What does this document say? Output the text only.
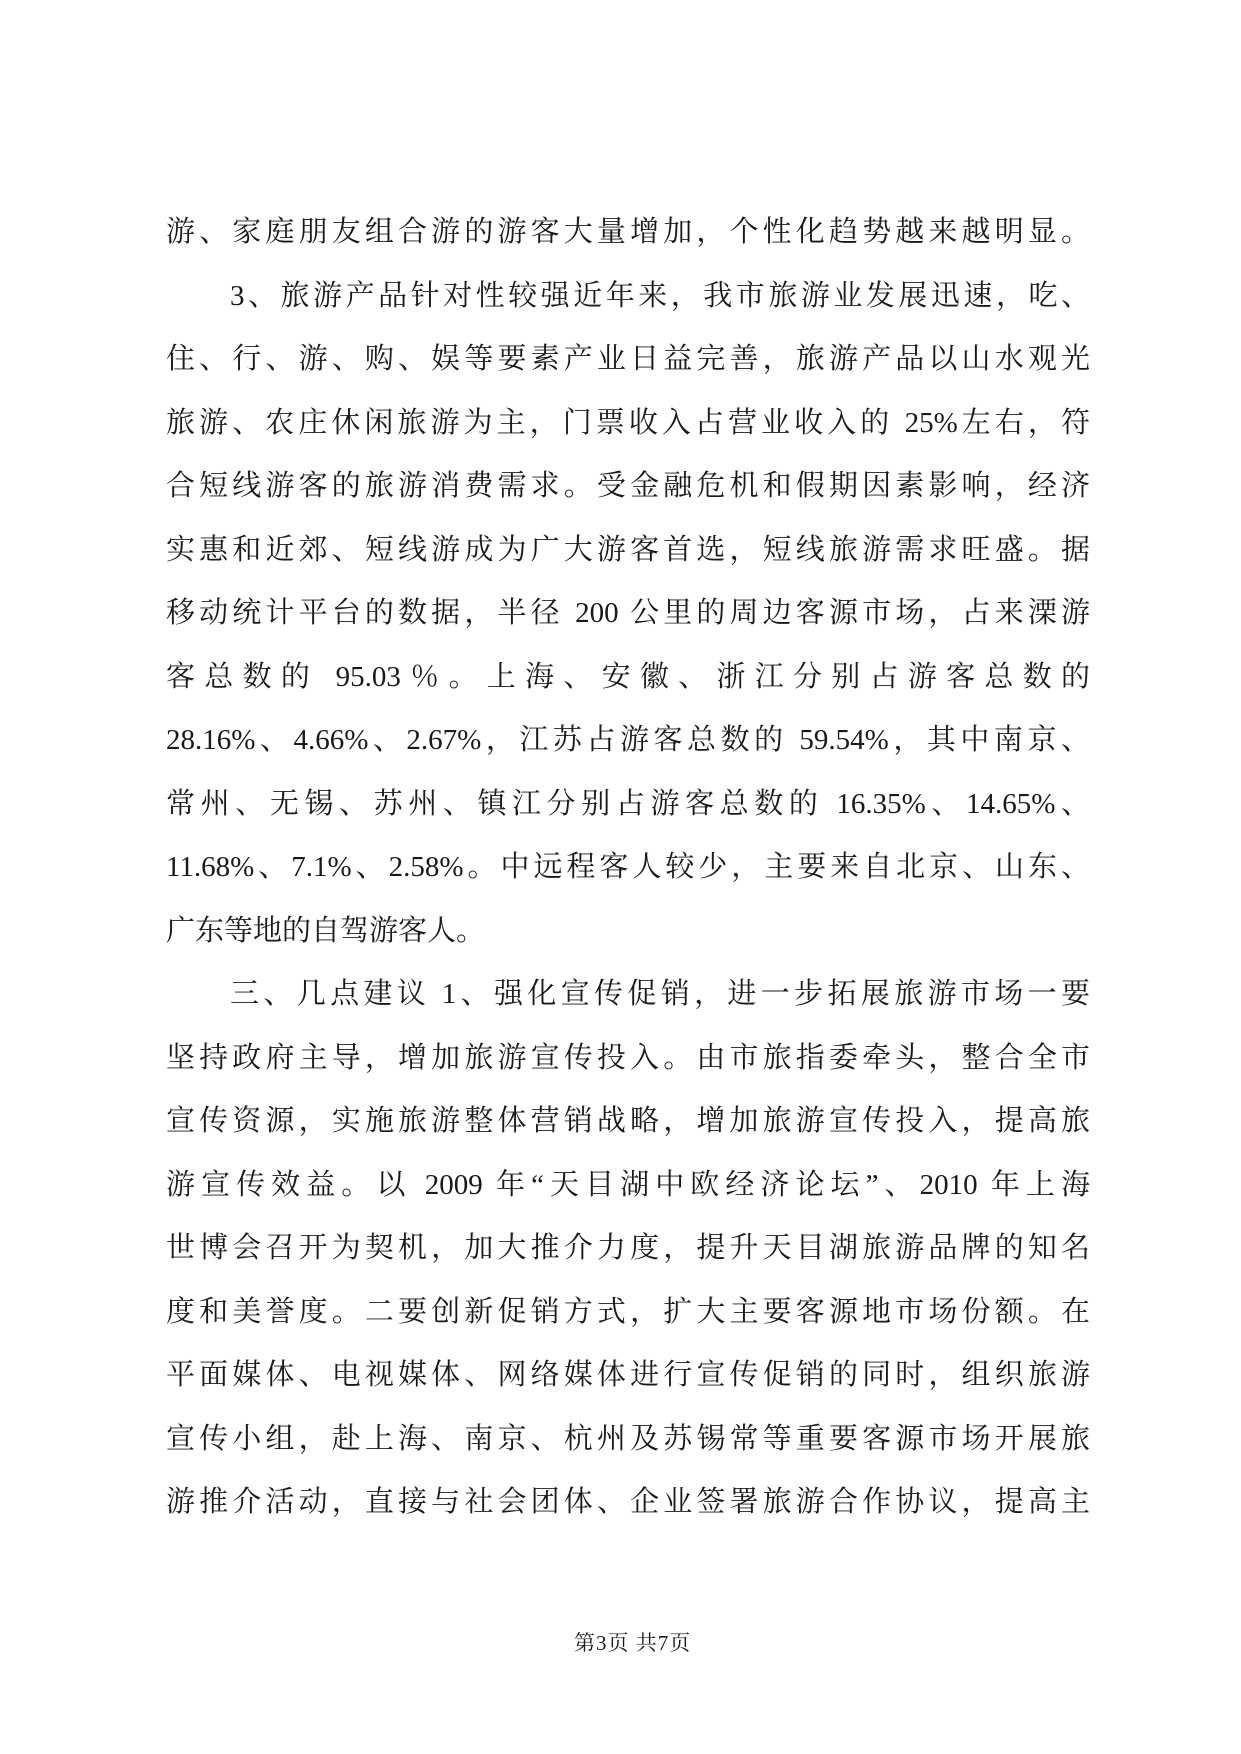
游、家庭朋友组合游的游客大量增加，个性化趋势越来越明显。
3、旅游产品针对性较强近年来，我市旅游业发展迅速，吃、
住、行、游、购、娱等要素产业日益完善，旅游产品以山水观光
旅游、农庄休闲旅游为主，门票收入占营业收入的 25%左右，符
合短线游客的旅游消费需求。受金融危机和假期因素影响，经济
实惠和近郊、短线游成为广大游客首选，短线旅游需求旺盛。据
移动统计平台的数据，半径 200 公里的周边客源市场，占来溧游
客总数的 95.03％。上海、安徽、浙江分别占游客总数的
28.16%、4.66%、2.67%，江苏占游客总数的 59.54%，其中南京、
常州、无锡、苏州、镇江分别占游客总数的 16.35%、14.65%、
11.68%、7.1%、2.58%。中远程客人较少，主要来自北京、山东、
广东等地的自驾游客人。
三、几点建议 1、强化宣传促销，进一步拓展旅游市场一要
坚持政府主导，增加旅游宣传投入。由市旅指委牵头，整合全市
宣传资源，实施旅游整体营销战略，增加旅游宣传投入，提高旅
游宣传效益。以 2009 年“天目湖中欧经济论坛”、2010 年上海
世博会召开为契机，加大推介力度，提升天目湖旅游品牌的知名
度和美誉度。二要创新促销方式，扩大主要客源地市场份额。在
平面媒体、电视媒体、网络媒体进行宣传促销的同时，组织旅游
宣传小组，赴上海、南京、杭州及苏锡常等重要客源市场开展旅
游推介活动，直接与社会团体、企业签署旅游合作协议，提高主
第3页 共7页
